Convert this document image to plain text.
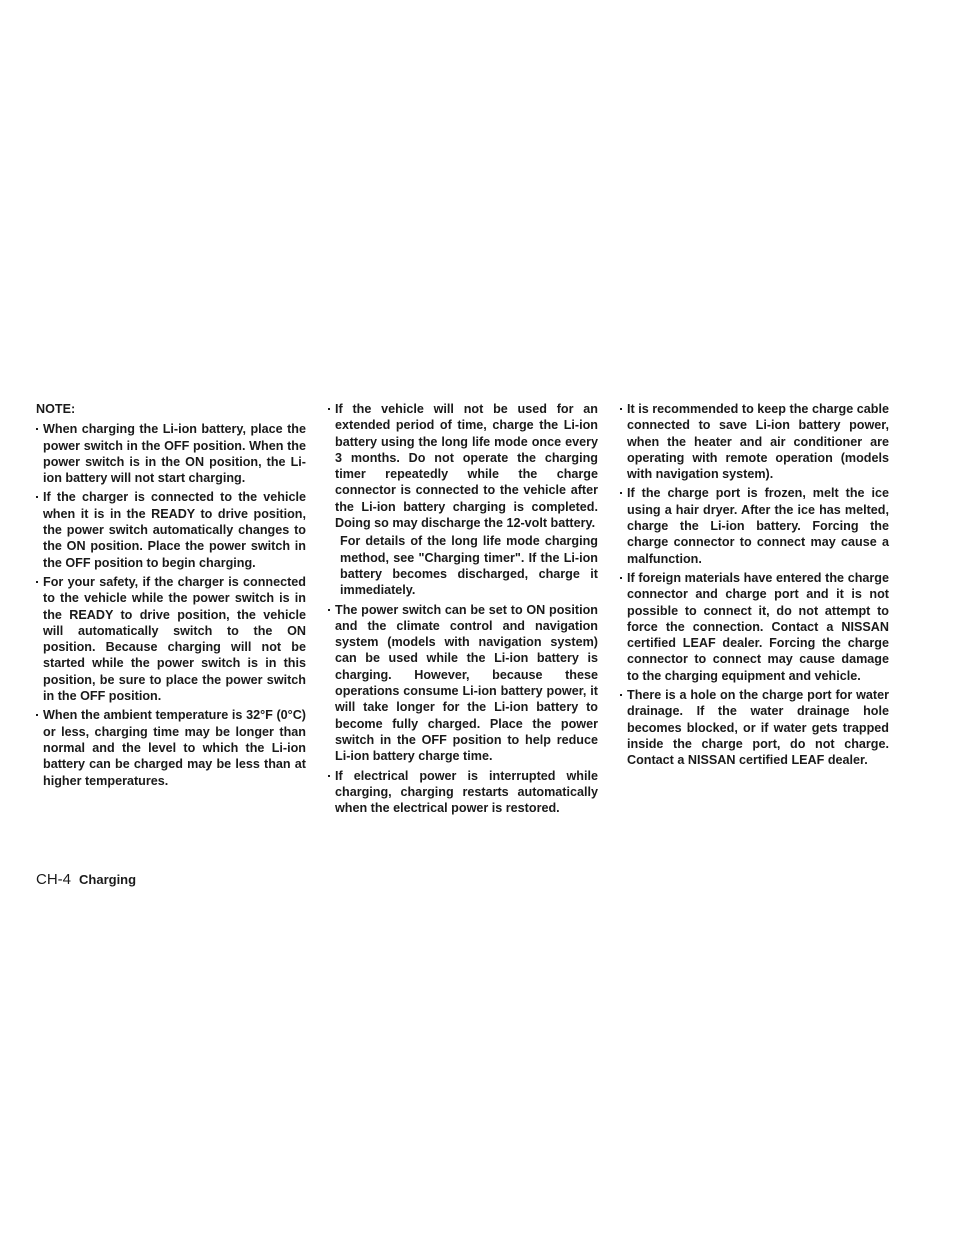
NOTE:

When charging the Li-ion battery, place the power switch in the OFF position. When the power switch is in the ON position, the Li-ion battery will not start charging.

If the charger is connected to the vehicle when it is in the READY to drive position, the power switch automatically changes to the ON position. Place the power switch in the OFF position to begin charging.

For your safety, if the charger is connected to the vehicle while the power switch is in the READY to drive position, the vehicle will automatically switch to the ON position. Because charging will not be started while the power switch is in this position, be sure to place the power switch in the OFF position.

When the ambient temperature is 32°F (0°C) or less, charging time may be longer than normal and the level to which the Li-ion battery can be charged may be less than at higher temperatures.

If the vehicle will not be used for an extended period of time, charge the Li-ion battery using the long life mode once every 3 months. Do not operate the charging timer repeatedly while the charge connector is connected to the vehicle after the Li-ion battery charging is completed. Doing so may discharge the 12-volt battery.

For details of the long life mode charging method, see "Charging timer". If the Li-ion battery becomes discharged, charge it immediately.

The power switch can be set to ON position and the climate control and navigation system (models with navigation system) can be used while the Li-ion battery is charging. However, because these operations consume Li-ion battery power, it will take longer for the Li-ion battery to become fully charged. Place the power switch in the OFF position to help reduce Li-ion battery charge time.

If electrical power is interrupted while charging, charging restarts automatically when the electrical power is restored.

It is recommended to keep the charge cable connected to save Li-ion battery power, when the heater and air conditioner are operating with remote operation (models with navigation system).

If the charge port is frozen, melt the ice using a hair dryer. After the ice has melted, charge the Li-ion battery. Forcing the charge connector to connect may cause a malfunction.

If foreign materials have entered the charge connector and charge port and it is not possible to connect it, do not attempt to force the connection. Contact a NISSAN certified LEAF dealer. Forcing the charge connector to connect may cause damage to the charging equipment and vehicle.

There is a hole on the charge port for water drainage. If the water drainage hole becomes blocked, or if water gets trapped inside the charge port, do not charge. Contact a NISSAN certified LEAF dealer.

CH-4 Charging
